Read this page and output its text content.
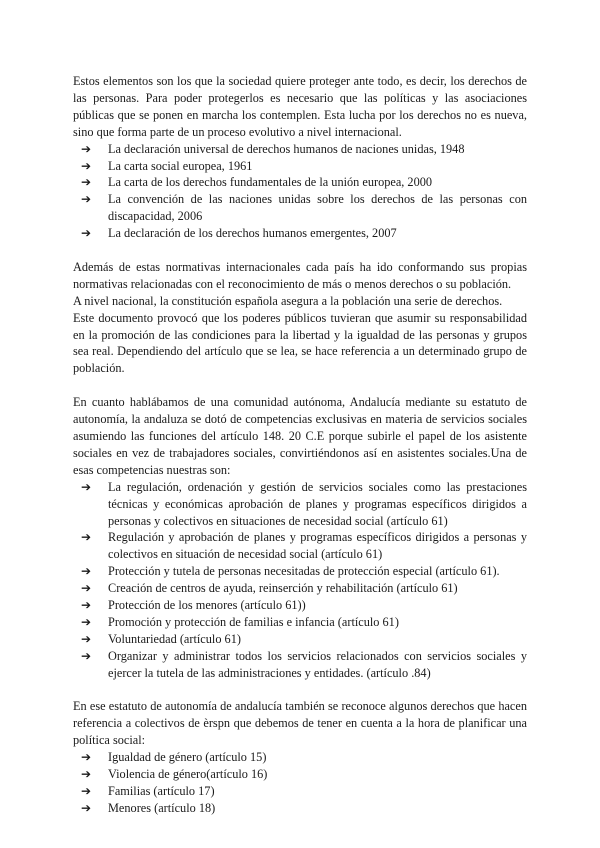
Estos elementos son los que la sociedad quiere proteger ante todo, es decir, los derechos de las personas. Para poder protegerlos es necesario que las políticas y las asociaciones públicas que se ponen en marcha los contemplen. Esta lucha por los derechos no es nueva, sino que forma parte de un proceso evolutivo a nivel internacional.

➔ La declaración universal de derechos humanos de naciones unidas, 1948
➔ La carta social europea, 1961
➔ La carta de los derechos fundamentales de la unión europea, 2000
➔ La convención de las naciones unidas sobre los derechos de las personas con discapacidad, 2006
➔ La declaración de los derechos humanos emergentes, 2007

Además de estas normativas internacionales cada país ha ido conformando sus propias normativas relacionadas con el reconocimiento de más o menos derechos o su población.

A nivel nacional, la constitución española asegura a la población una serie de derechos.

Este documento provocó que los poderes públicos tuvieran que asumir su responsabilidad en la promoción de las condiciones para la libertad y la igualdad de las personas y grupos sea real. Dependiendo del artículo que se lea, se hace referencia a un determinado grupo de población.

En cuanto hablábamos de una comunidad autónoma, Andalucía mediante su estatuto de autonomía, la andaluza se dotó de competencias exclusivas en materia de servicios sociales asumiendo las funciones del artículo 148. 20 C.E porque subirle el papel de los asistente sociales en vez de trabajadores sociales, convirtiéndonos así en asistentes sociales.Una de esas competencias nuestras son:

➔ La regulación, ordenación y gestión de servicios sociales como las prestaciones técnicas y económicas aprobación de planes y programas específicos dirigidos a personas y colectivos en situaciones de necesidad social (artículo 61)
➔ Regulación y aprobación de planes y programas específicos dirigidos a personas y colectivos en situación de necesidad social (artículo 61)
➔ Protección y tutela de personas necesitadas de protección especial (artículo 61).
➔ Creación de centros de ayuda, reinserción y rehabilitación (artículo 61)
➔ Protección de los menores (artículo 61))
➔ Promoción y protección de familias e infancia (artículo 61)
➔ Voluntariedad (artículo 61)
➔ Organizar y administrar todos los servicios relacionados con servicios sociales y ejercer la tutela de las administraciones y entidades. (artículo .84)

En ese estatuto de autonomía de andalucía también se reconoce algunos derechos que hacen referencia a colectivos de èrspn que debemos de tener en cuenta a la hora de planificar una política social:

➔ Igualdad de género (artículo 15)
➔ Violencia de género(artículo 16)
➔ Familias (artículo 17)
➔ Menores (artículo 18)
